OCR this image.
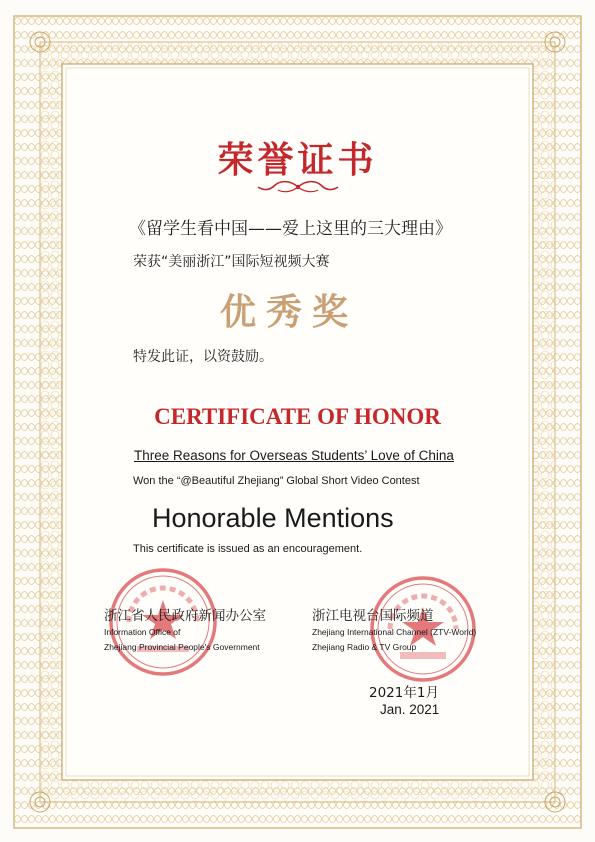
荣誉证书
《留学生看中国——爱上这里的三大理由》
荣获“美丽浙江”国际短视频大赛
优秀奖
特发此证，以资鼓励。
CERTIFICATE OF HONOR
Three Reasons for Overseas Students’ Love of China
Won the “@Beautiful Zhejiang” Global Short Video Contest
Honorable Mentions
This certificate is issued as an encouragement.
浙江省人民政府新闻办公室
Information Office of
Zhejiang Provincial People's Government
浙江电视台国际频道
Zhejiang International Channel (ZTV-World)
Zhejiang Radio & TV Group
2021年1月
Jan. 2021
